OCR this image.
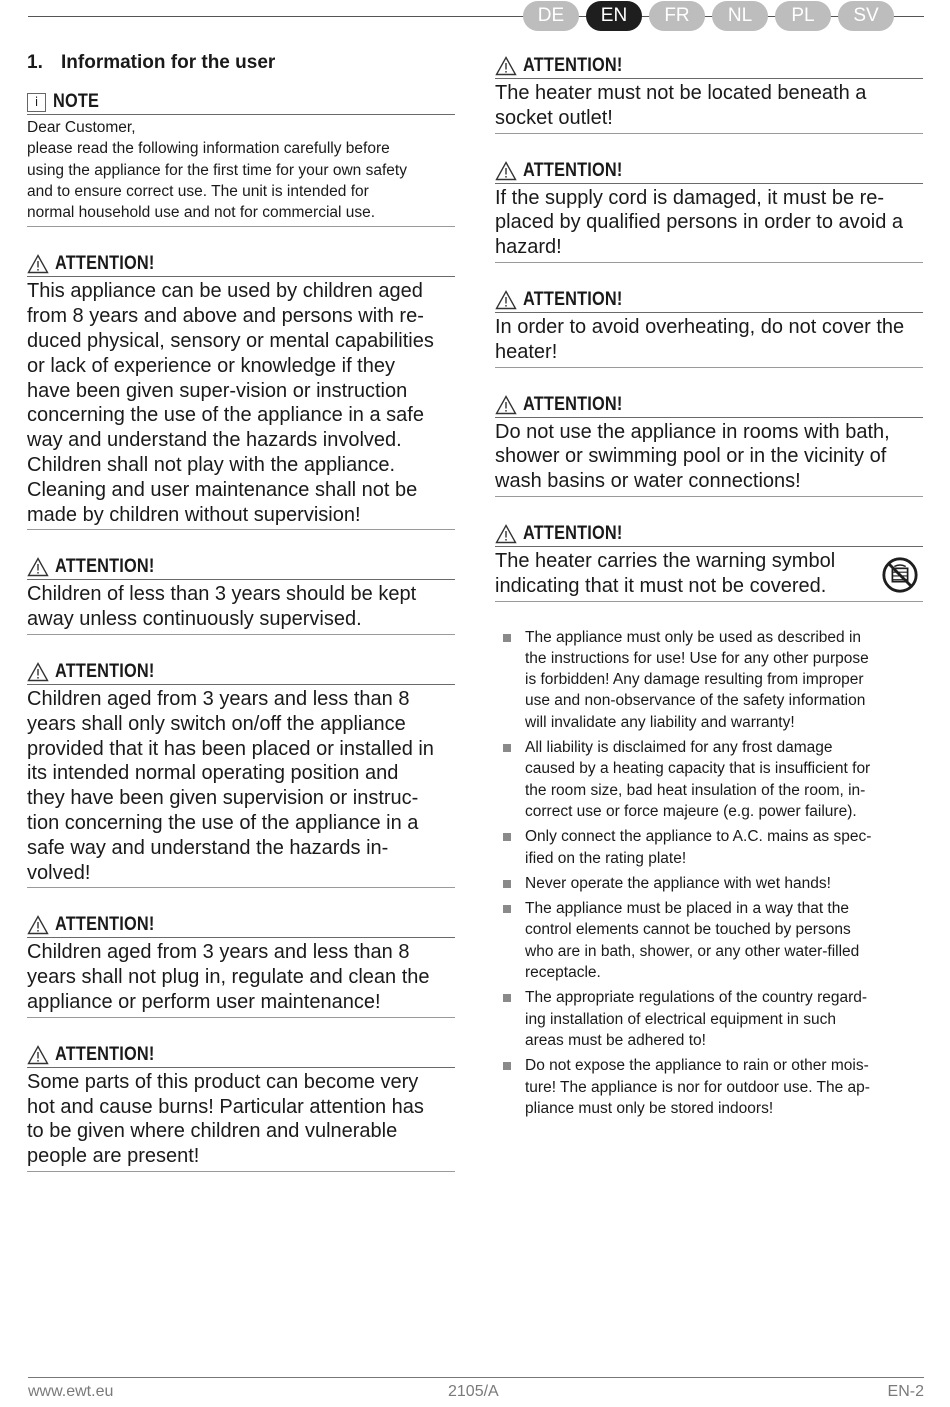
DE	EN	FR	NL	PL	SV
1. Information for the user
i NOTE
Dear Customer,
please read the following information carefully before
using the appliance for the first time for your own safety
and to ensure correct use. The unit is intended for
normal household use and not for commercial use.
ATTENTION!
This appliance can be used by children aged
from 8 years and above and persons with re-
duced physical, sensory or mental capabilities
or lack of experience or knowledge if they
have been given super-vision or instruction
concerning the use of the appliance in a safe
way and understand the hazards involved.
Children shall not play with the appliance.
Cleaning and user maintenance shall not be
made by children without supervision!
ATTENTION!
Children of less than 3 years should be kept
away unless continuously supervised.
ATTENTION!
Children aged from 3 years and less than 8
years shall only switch on/off the appliance
provided that it has been placed or installed in
its intended normal operating position and
they have been given supervision or instruc-
tion concerning the use of the appliance in a
safe way and understand the hazards in-
volved!
ATTENTION!
Children aged from 3 years and less than 8
years shall not plug in, regulate and clean the
appliance or perform user maintenance!
ATTENTION!
Some parts of this product can become very
hot and cause burns! Particular attention has
to be given where children and vulnerable
people are present!
ATTENTION!
The heater must not be located beneath a
socket outlet!
ATTENTION!
If the supply cord is damaged, it must be re-
placed by qualified persons in order to avoid a
hazard!
ATTENTION!
In order to avoid overheating, do not cover the
heater!
ATTENTION!
Do not use the appliance in rooms with bath,
shower or swimming pool or in the vicinity of
wash basins or water connections!
ATTENTION!
The heater carries the warning symbol
indicating that it must not be covered.
The appliance must only be used as described in
the instructions for use! Use for any other purpose
is forbidden! Any damage resulting from improper
use and non-observance of the safety information
will invalidate any liability and warranty!
All liability is disclaimed for any frost damage
caused by a heating capacity that is insufficient for
the room size, bad heat insulation of the room, in-
correct use or force majeure (e.g. power failure).
Only connect the appliance to A.C. mains as spec-
ified on the rating plate!
Never operate the appliance with wet hands!
The appliance must be placed in a way that the
control elements cannot be touched by persons
who are in bath, shower, or any other water-filled
receptacle.
The appropriate regulations of the country regard-
ing installation of electrical equipment in such
areas must be adhered to!
Do not expose the appliance to rain or other mois-
ture! The appliance is nor for outdoor use. The ap-
pliance must only be stored indoors!
www.ewt.eu	2105/A	EN-2
